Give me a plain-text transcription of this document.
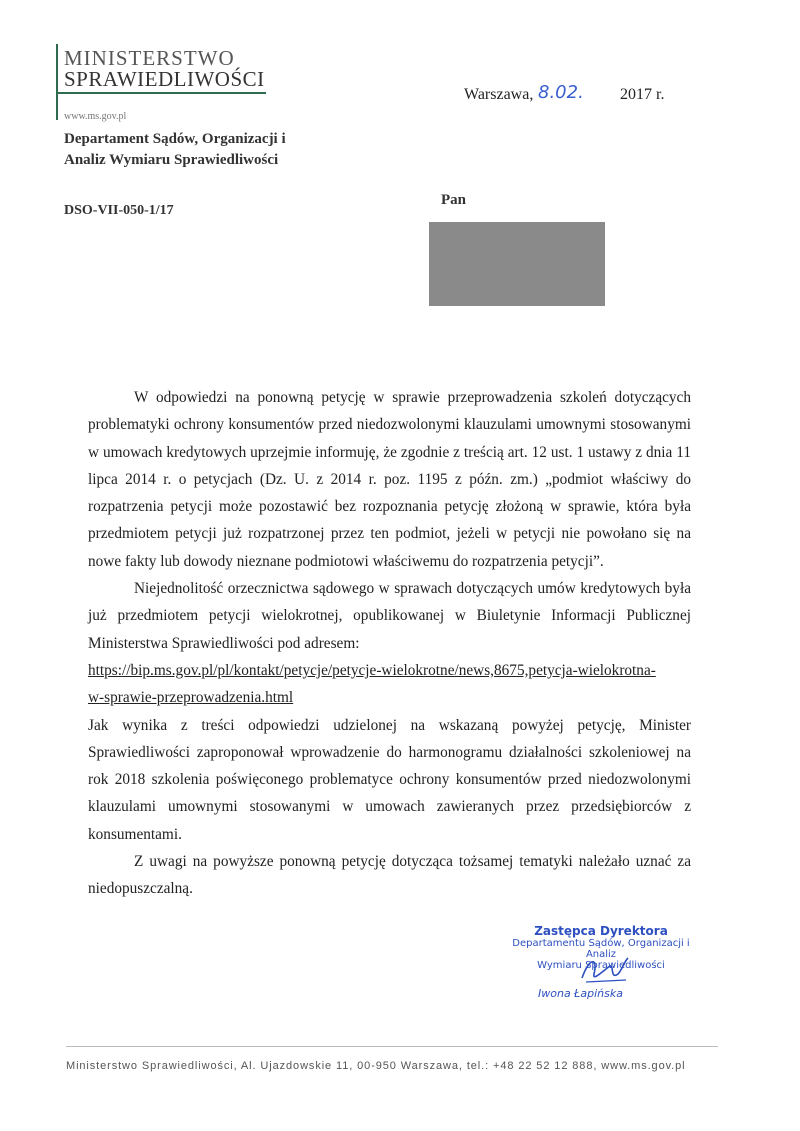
MINISTERSTWO
SPRAWIEDLIWOŚCI
www.ms.gov.pl
Departament Sądów, Organizacji i
Analiz Wymiaru Sprawiedliwości
DSO-VII-050-1/17
Warszawa, 8.02. 2017 r.
Pan

W odpowiedzi na ponowną petycję w sprawie przeprowadzenia szkoleń dotyczących problematyki ochrony konsumentów przed niedozwolonymi klauzulami umownymi stosowanymi w umowach kredytowych uprzejmie informuję, że zgodnie z treścią art. 12 ust. 1 ustawy z dnia 11 lipca 2014 r. o petycjach (Dz. U. z 2014 r. poz. 1195 z późn. zm.) „podmiot właściwy do rozpatrzenia petycji może pozostawić bez rozpoznania petycję złożoną w sprawie, która była przedmiotem petycji już rozpatrzonej przez ten podmiot, jeżeli w petycji nie powołano się na nowe fakty lub dowody nieznane podmiotowi właściwemu do rozpatrzenia petycji”.

Niejednolitość orzecznictwa sądowego w sprawach dotyczących umów kredytowych była już przedmiotem petycji wielokrotnej, opublikowanej w Biuletynie Informacji Publicznej Ministerstwa Sprawiedliwości pod adresem:

https://bip.ms.gov.pl/pl/kontakt/petycje/petycje-wielokrotne/news,8675,petycja-wielokrotna-

w-sprawie-przeprowadzenia.html

Jak wynika z treści odpowiedzi udzielonej na wskazaną powyżej petycję, Minister Sprawiedliwości zaproponował wprowadzenie do harmonogramu działalności szkoleniowej na rok 2018 szkolenia poświęconego problematyce ochrony konsumentów przed niedozwolonymi klauzulami umownymi stosowanymi w umowach zawieranych przez przedsiębiorców z konsumentami.

Z uwagi na powyższe ponowną petycję dotycząca tożsamej tematyki należało uznać za niedopuszczalną.

Zastępca Dyrektora
Departamentu Sądów, Organizacji i Analiz
Wymiaru Sprawiedliwości
Iwona Łapińska
Ministerstwo Sprawiedliwości, Al. Ujazdowskie 11, 00-950 Warszawa, tel.: +48 22 52 12 888, www.ms.gov.pl
